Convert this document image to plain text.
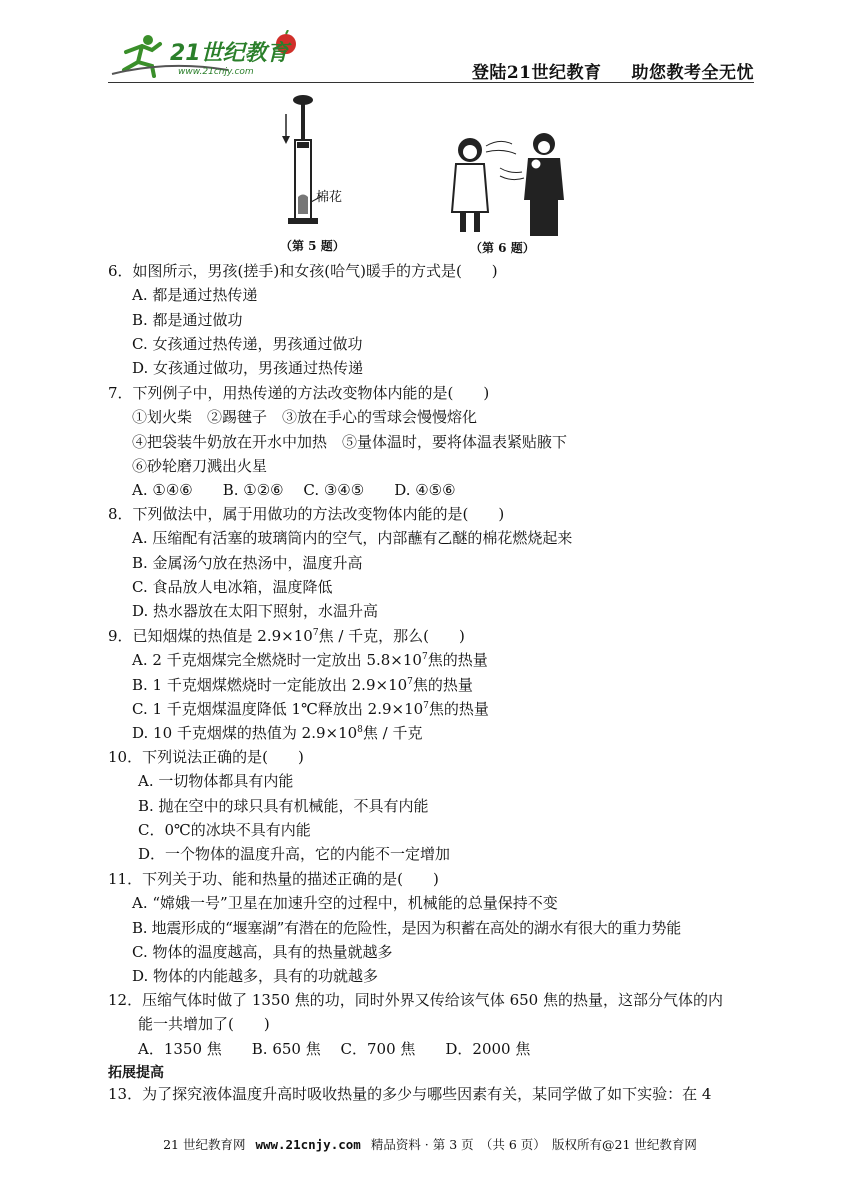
21世纪教育
www.21cnjy.com	登陆21世纪教育 助您教考全无忧
棉花
（第 5 题）	（第 6 题）
6．如图所示，男孩(搓手)和女孩(哈气)暖手的方式是(　　)
A. 都是通过热传递
B. 都是通过做功
C. 女孩通过热传递，男孩通过做功
D. 女孩通过做功，男孩通过热传递
7．下列例子中，用热传递的方法改变物体内能的是(　　)
①划火柴　②踢毽子　③放在手心的雪球会慢慢熔化
④把袋装牛奶放在开水中加热　⑤量体温时，要将体温表紧贴腋下
⑥砂轮磨刀溅出火星
A. ①④⑥　　B. ①②⑥　 C. ③④⑤　　D. ④⑤⑥
8．下列做法中，属于用做功的方法改变物体内能的是(　　)
A. 压缩配有活塞的玻璃筒内的空气，内部蘸有乙醚的棉花燃烧起来
B. 金属汤勺放在热汤中，温度升高
C. 食品放人电冰箱，温度降低
D. 热水器放在太阳下照射，水温升高
9．已知烟煤的热值是 $2.9\times 10^7$焦 / 千克，那么(　　)
A. 2 千克烟煤完全燃烧时一定放出 $5.8\times 10^7$焦的热量
B. 1 千克烟煤燃烧时一定能放出 $2.9\times 10^7$焦的热量
C. 1 千克烟煤温度降低 1℃释放出 $2.9\times 10^7$焦的热量
D. 10 千克烟煤的热值为 $2.9\times 10^8$焦 / 千克
10．下列说法正确的是(　　)
A. 一切物体都具有内能
B. 抛在空中的球只具有机械能，不具有内能
C．0℃的冰块不具有内能
D．一个物体的温度升高，它的内能不一定增加
11．下列关于功、能和热量的描述正确的是(　　)
A. “嫦娥一号”卫星在加速升空的过程中，机械能的总量保持不变
B. 地震形成的“堰塞湖”有潜在的危险性，是因为积蓄在高处的湖水有很大的重力势能
C. 物体的温度越高，具有的热量就越多
D. 物体的内能越多，具有的功就越多
12．压缩气体时做了 1350 焦的功，同时外界又传给该气体 650 焦的热量，这部分气体的内
能一共增加了(　　)
A．1350 焦　　B. 650 焦　 C．700 焦　　D．2000 焦
拓展提高
13．为了探究液体温度升高时吸收热量的多少与哪些因素有关，某同学做了如下实验：在 4
21 世纪教育网 www.21cnjy.com 精品资料 · 第 3 页　（共 6 页）　版权所有@21 世纪教育网
